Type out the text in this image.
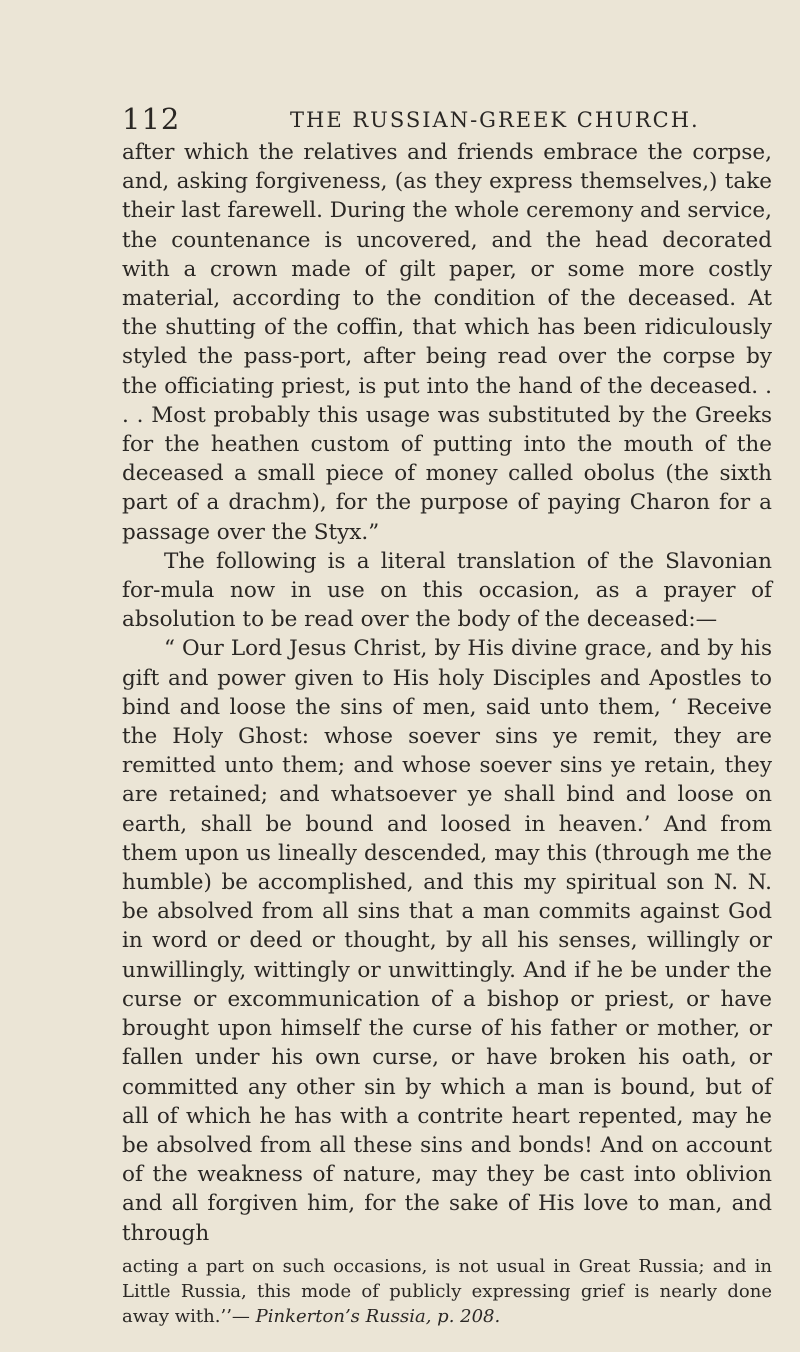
112	THE RUSSIAN-GREEK CHURCH.

after which the relatives and friends embrace the corpse, and, asking forgiveness, (as they express themselves,) take their last farewell. During the whole ceremony and service, the countenance is uncovered, and the head decorated with a crown made of gilt paper, or some more costly material, according to the condition of the deceased. At the shutting of the coffin, that which has been ridiculously styled the pass-port, after being read over the corpse by the officiating priest, is put into the hand of the deceased. . . . Most probably this usage was substituted by the Greeks for the heathen custom of putting into the mouth of the deceased a small piece of money called obolus (the sixth part of a drachm), for the purpose of paying Charon for a passage over the Styx.”

The following is a literal translation of the Slavonian for-mula now in use on this occasion, as a prayer of absolution to be read over the body of the deceased:—

“ Our Lord Jesus Christ, by His divine grace, and by his gift and power given to His holy Disciples and Apostles to bind and loose the sins of men, said unto them, ‘ Receive the Holy Ghost: whose soever sins ye remit, they are remitted unto them; and whose soever sins ye retain, they are retained; and whatsoever ye shall bind and loose on earth, shall be bound and loosed in heaven.’ And from them upon us lineally descended, may this (through me the humble) be accomplished, and this my spiritual son N. N. be absolved from all sins that a man commits against God in word or deed or thought, by all his senses, willingly or unwillingly, wittingly or unwittingly. And if he be under the curse or excommunication of a bishop or priest, or have brought upon himself the curse of his father or mother, or fallen under his own curse, or have broken his oath, or committed any other sin by which a man is bound, but of all of which he has with a contrite heart repented, may he be absolved from all these sins and bonds! And on account of the weakness of nature, may they be cast into oblivion and all forgiven him, for the sake of His love to man, and through

acting a part on such occasions, is not usual in Great Russia; and in Little Russia, this mode of publicly expressing grief is nearly done away with.’’— Pinkerton’s Russia, p. 208.
